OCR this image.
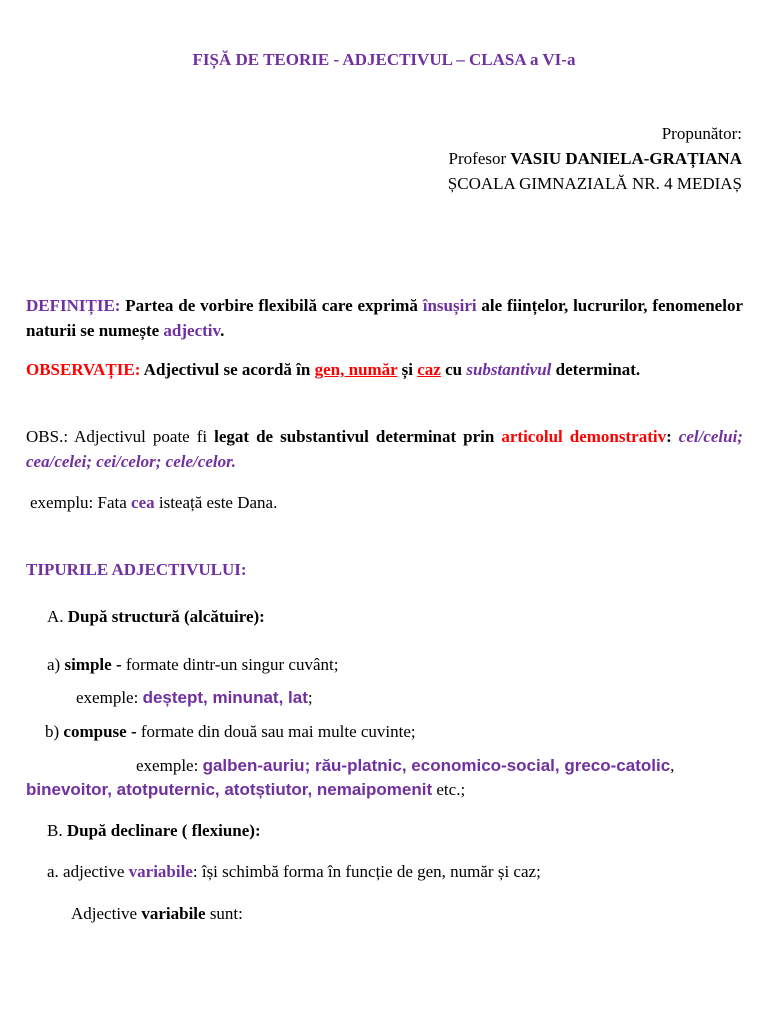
FIȘĂ DE TEORIE - ADJECTIVUL – CLASA a VI-a
Propunător:
Profesor VASIU DANIELA-GRAȚIANA
ȘCOALA GIMNAZIALĂ NR. 4 MEDIAȘ
DEFINIȚIE: Partea de vorbire flexibilă care exprimă însușiri ale ființelor, lucrurilor, fenomenelor naturii se numește adjectiv.
OBSERVAȚIE: Adjectivul se acordă în gen, număr și caz cu substantivul determinat.
OBS.: Adjectivul poate fi legat de substantivul determinat prin articolul demonstrativ: cel/celui; cea/celei; cei/celor; cele/celor.
exemplu: Fata cea isteață este Dana.
TIPURILE ADJECTIVULUI:
A. După structură (alcătuire):
a) simple - formate dintr-un singur cuvânt;
exemple: deștept, minunat, lat;
b) compuse - formate din două sau mai multe cuvinte;
exemple: galben-auriu; rău-platnic, economico-social, greco-catolic,
binevoitor, atotputernic, atotștiutor, nemaipomenit etc.;
B. După declinare ( flexiune):
a. adjective variabile: își schimbă forma în funcție de gen, număr și caz;
Adjective variabile sunt:
